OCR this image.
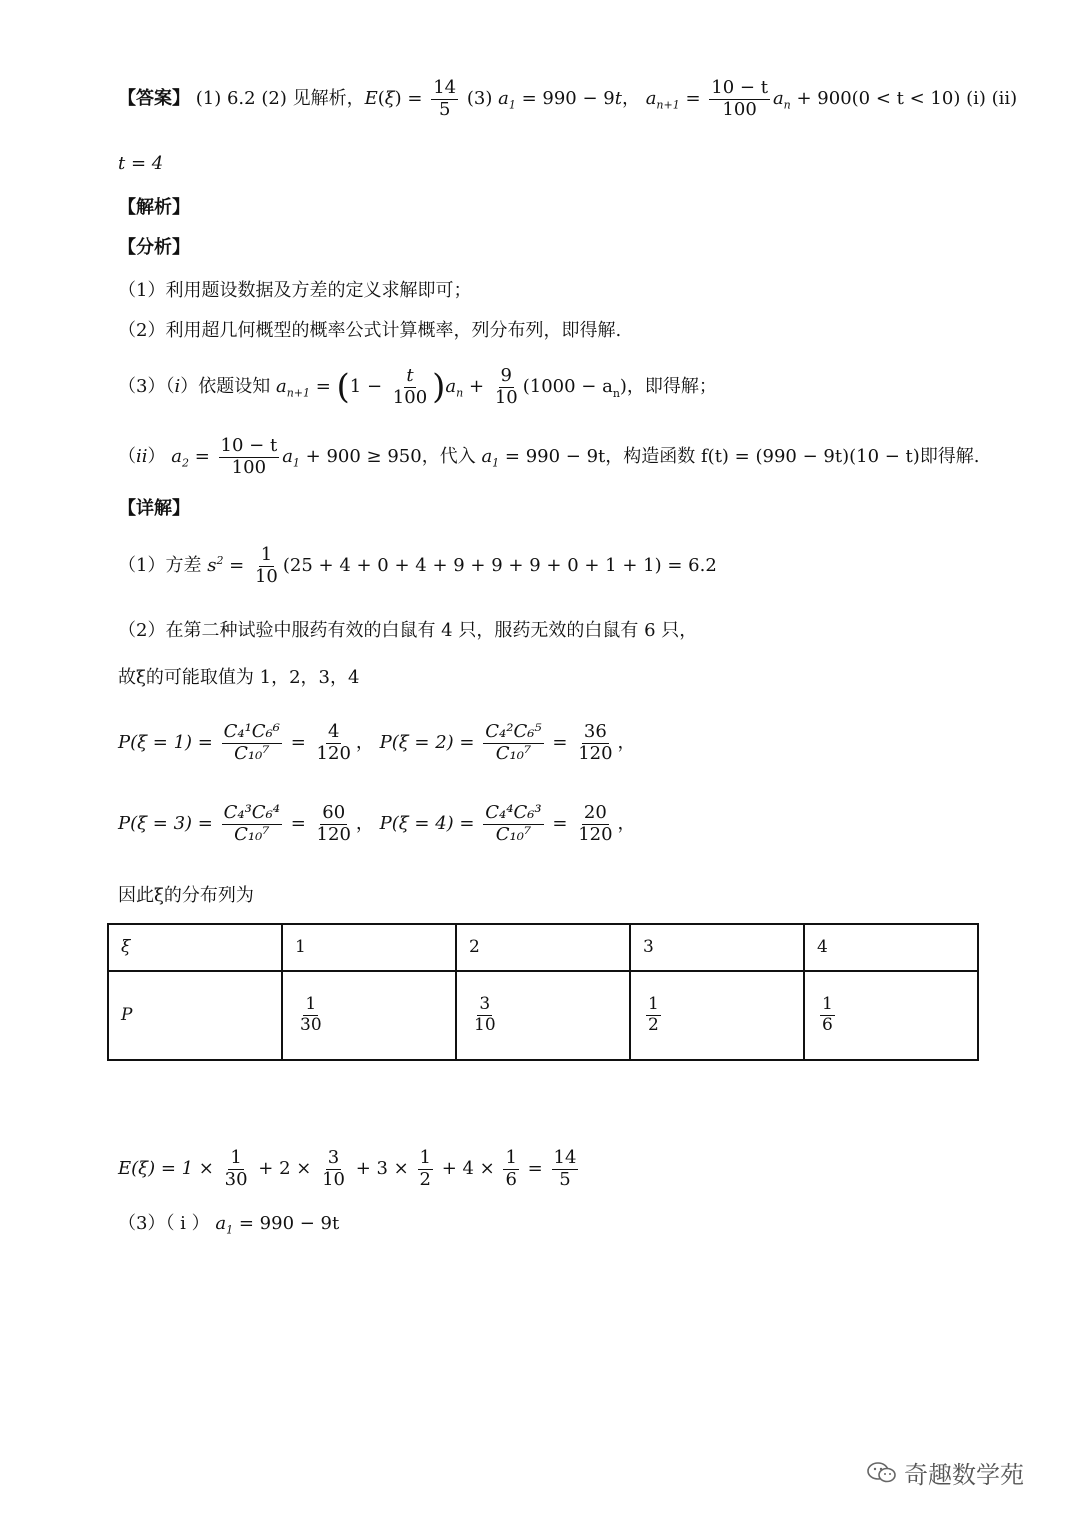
【答案】 (1) 6.2 (2) 见解析，$E(\xi) = \frac{14}{5} (3) a_1 = 990 - 9t$， $a_{n+1} = \frac{10 - t}{100} a_n + 900(0 < t < 10)$ (i) (ii)
t = 4
【解析】
【分析】
（1）利用题设数据及方差的定义求解即可；
（2）利用超几何概型的概率公式计算概率，列分布列，即得解.
（3）（i）依题设知 $a_{n+1} = (1 - \frac{t}{100} )a_n + \frac{9}{10} (1000 - a_n)$，即得解；
（ii） $a_2 = \frac{10 - t}{100} a_1 + 900 \ge 950$，代入 $a_1 = 990 - 9t$，构造函数 f(t) = (990 − 9t)(10 − t)即得解.
【详解】
（1）方差 $s^2 = \frac{1}{10} (25 + 4 + 0 + 4 + 9 + 9 + 9 + 0 + 1 + 1) = 6.2$
（2）在第二种试验中服药有效的白鼠有 4 只，服药无效的白鼠有 6 只，
故ξ的可能取值为 1，2，3，4
$P(\xi = 1) = \frac{\text{C₄¹C₆⁶}}{\text{C₁₀⁷}} = \frac{4}{120}$ ， $P(\xi = 2) = \frac{\text{C₄²C₆⁵}}{\text{C₁₀⁷}} = \frac{36}{120}$ ，
$P(\xi = 3) = \frac{\text{C₄³C₆⁴}}{\text{C₁₀⁷}} = \frac{60}{120}$ ， $P(\xi = 4) = \frac{\text{C₄⁴C₆³}}{\text{C₁₀⁷}} = \frac{20}{120}$ ，
因此ξ的分布列为
ξ	1	2	3	4
P	$\frac{1}{30}$	$\frac{3}{10}$	$\frac{1}{2}$	$\frac{1}{6}$
$E(\xi) = 1 \times \frac{1}{30} + 2 \times \frac{3}{10} + 3 \times \frac{1}{2} + 4 \times \frac{1}{6} = \frac{14}{5}$
（3）（ i ） $a_1 = 990 - 9t$
奇趣数学苑
